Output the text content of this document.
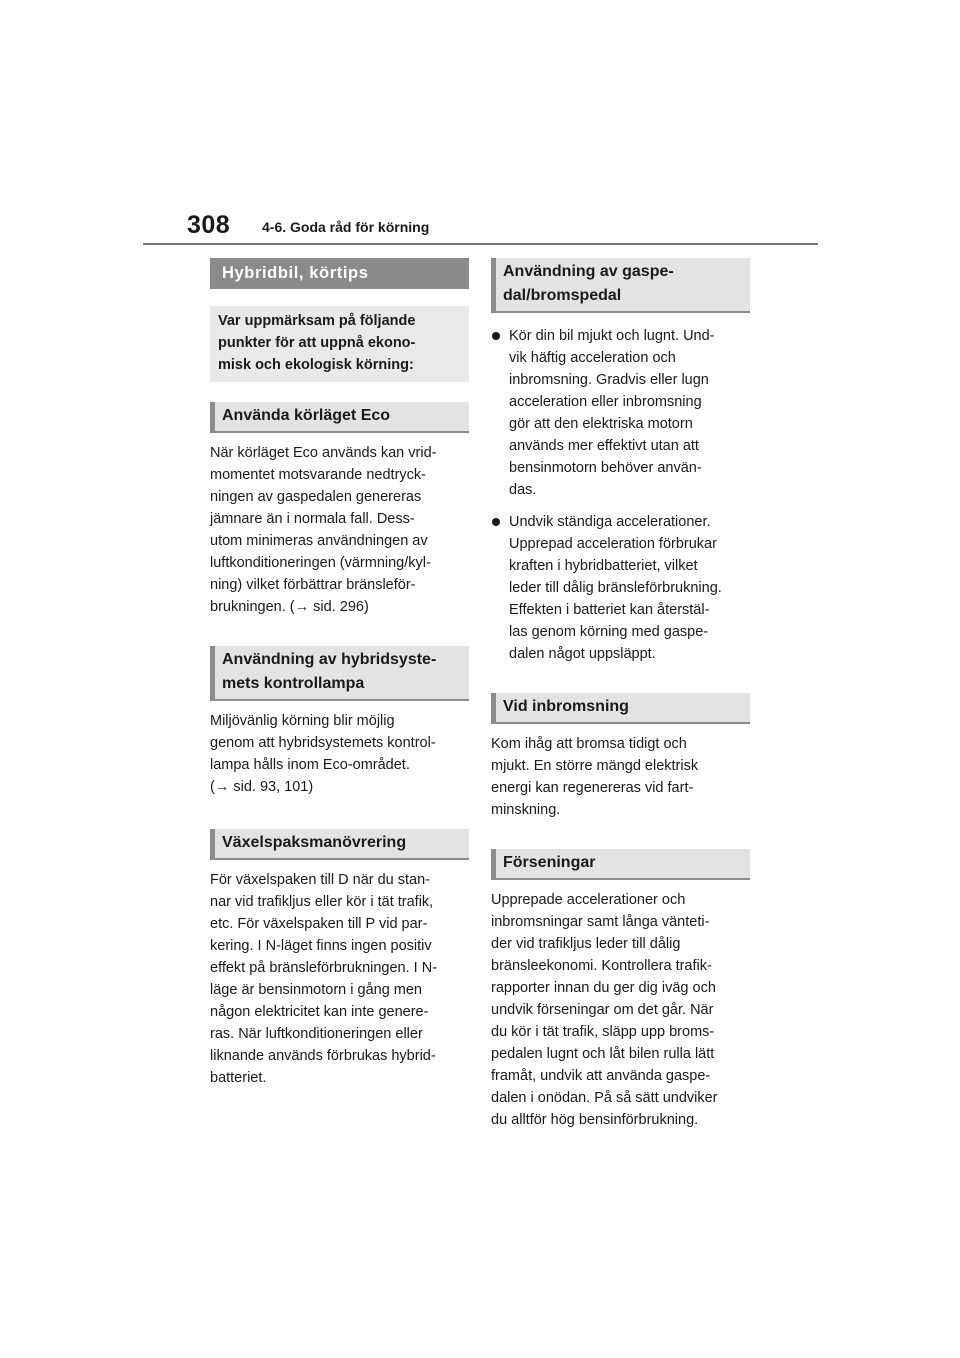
308 4-6. Goda råd för körning
Hybridbil, körtips
Var uppmärksam på följande
punkter för att uppnå ekono-
misk och ekologisk körning:
Använda körläget Eco

När körläget Eco används kan vrid-
momentet motsvarande nedtryck-
ningen av gaspedalen genereras
jämnare än i normala fall. Dess-
utom minimeras användningen av
luftkonditioneringen (värmning/kyl-
ning) vilket förbättrar bränsleför-
brukningen. (→ sid. 296)

Användning av hybridsyste-
mets kontrollampa

Miljövänlig körning blir möjlig
genom att hybridsystemets kontrol-
lampa hålls inom Eco-området.
(→ sid. 93, 101)

Växelspaksmanövrering

För växelspaken till D när du stan-
nar vid trafikljus eller kör i tät trafik,
etc. För växelspaken till P vid par-
kering. I N-läget finns ingen positiv
effekt på bränsleförbrukningen. I N-
läge är bensinmotorn i gång men
någon elektricitet kan inte genere-
ras. När luftkonditioneringen eller
liknande används förbrukas hybrid-
batteriet.

Användning av gaspe-
dal/bromspedal
Kör din bil mjukt och lugnt. Und-
vik häftig acceleration och
inbromsning. Gradvis eller lugn
acceleration eller inbromsning
gör att den elektriska motorn
används mer effektivt utan att
bensinmotorn behöver använ-
das.
Undvik ständiga accelerationer.
Upprepad acceleration förbrukar
kraften i hybridbatteriet, vilket
leder till dålig bränsleförbrukning.
Effekten i batteriet kan återstäl-
las genom körning med gaspe-
dalen något uppsläppt.
Vid inbromsning

Kom ihåg att bromsa tidigt och
mjukt. En större mängd elektrisk
energi kan regenereras vid fart-
minskning.

Förseningar

Upprepade accelerationer och
inbromsningar samt långa vänteti-
der vid trafikljus leder till dålig
bränsleekonomi. Kontrollera trafik-
rapporter innan du ger dig iväg och
undvik förseningar om det går. När
du kör i tät trafik, släpp upp broms-
pedalen lugnt och låt bilen rulla lätt
framåt, undvik att använda gaspe-
dalen i onödan. På så sätt undviker
du alltför hög bensinförbrukning.
